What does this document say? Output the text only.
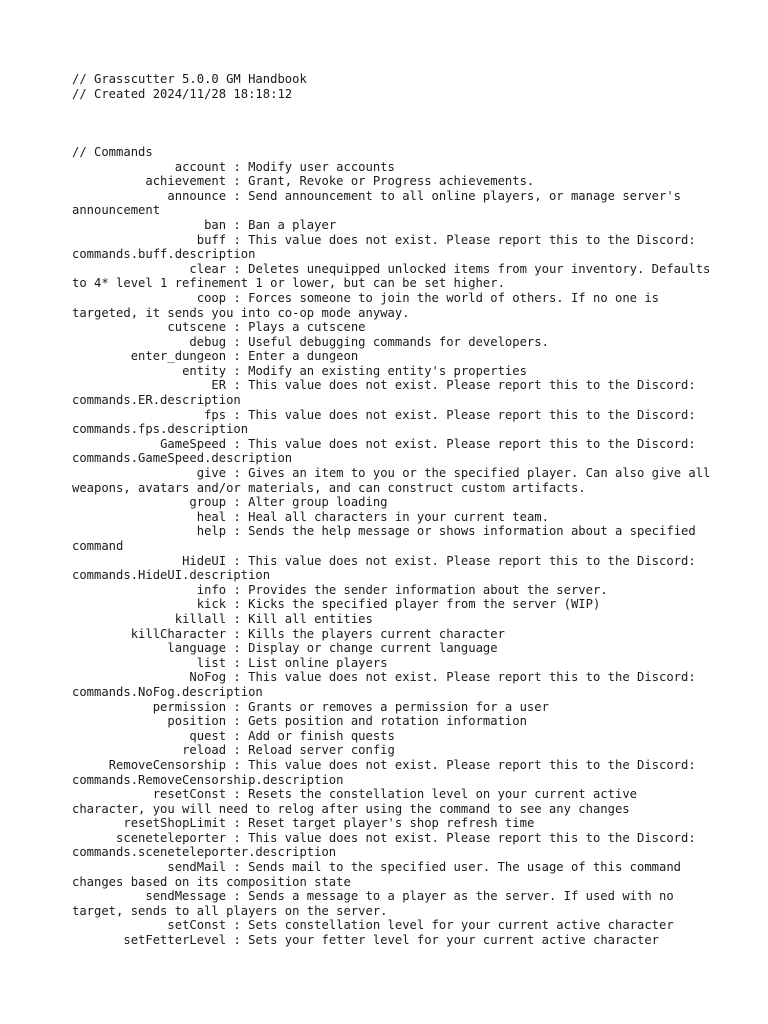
// Grasscutter 5.0.0 GM Handbook
// Created 2024/11/28 18:18:12
// Commands
account : Modify user accounts
achievement : Grant, Revoke or Progress achievements.
announce : Send announcement to all online players, or manage server's announcement
ban : Ban a player
buff : This value does not exist. Please report this to the Discord: commands.buff.description
clear : Deletes unequipped unlocked items from your inventory. Defaults to 4* level 1 refinement 1 or lower, but can be set higher.
coop : Forces someone to join the world of others. If no one is targeted, it sends you into co-op mode anyway.
cutscene : Plays a cutscene
debug : Useful debugging commands for developers.
enter_dungeon : Enter a dungeon
entity : Modify an existing entity's properties
ER : This value does not exist. Please report this to the Discord: commands.ER.description
fps : This value does not exist. Please report this to the Discord: commands.fps.description
GameSpeed : This value does not exist. Please report this to the Discord: commands.GameSpeed.description
give : Gives an item to you or the specified player. Can also give all weapons, avatars and/or materials, and can construct custom artifacts.
group : Alter group loading
heal : Heal all characters in your current team.
help : Sends the help message or shows information about a specified command
HideUI : This value does not exist. Please report this to the Discord: commands.HideUI.description
info : Provides the sender information about the server.
kick : Kicks the specified player from the server (WIP)
killall : Kill all entities
killCharacter : Kills the players current character
language : Display or change current language
list : List online players
NoFog : This value does not exist. Please report this to the Discord: commands.NoFog.description
permission : Grants or removes a permission for a user
position : Gets position and rotation information
quest : Add or finish quests
reload : Reload server config
RemoveCensorship : This value does not exist. Please report this to the Discord: commands.RemoveCensorship.description
resetConst : Resets the constellation level on your current active character, you will need to relog after using the command to see any changes
resetShopLimit : Reset target player's shop refresh time
sceneteleporter : This value does not exist. Please report this to the Discord: commands.sceneteleporter.description
sendMail : Sends mail to the specified user. The usage of this command changes based on its composition state
sendMessage : Sends a message to a player as the server. If used with no target, sends to all players on the server.
setConst : Sets constellation level for your current active character
setFetterLevel : Sets your fetter level for your current active character
